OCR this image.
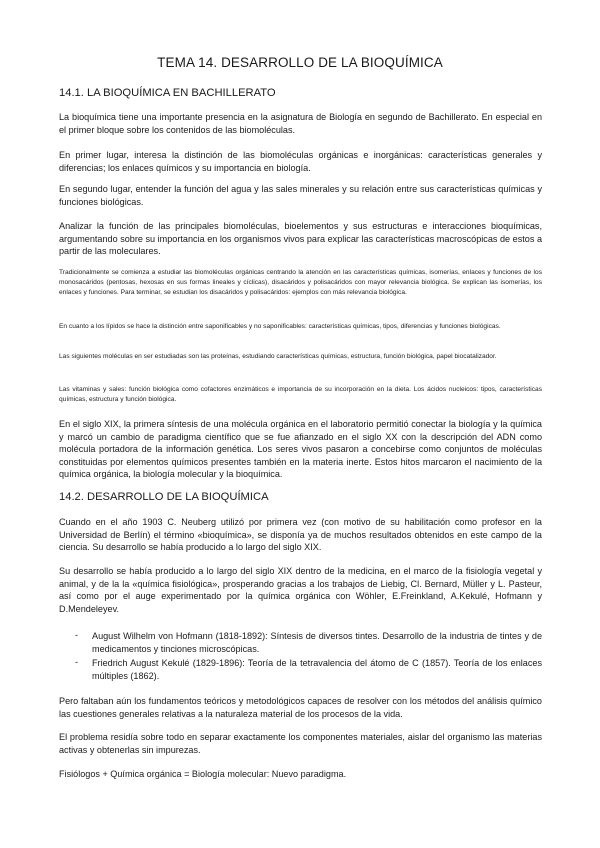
TEMA 14. DESARROLLO DE LA BIOQUÍMICA
14.1. LA BIOQUÍMICA EN BACHILLERATO
La bioquímica tiene una importante presencia en la asignatura de Biología en segundo de Bachillerato. En especial en el primer bloque sobre los contenidos de las biomoléculas.
En primer lugar, interesa la distinción de las biomoléculas orgánicas e inorgánicas: características generales y diferencias; los enlaces químicos y su importancia en biología.
En segundo lugar, entender la función del agua y las sales minerales y su relación entre sus características químicas y funciones biológicas.
Analizar la función de las principales biomoléculas, bioelementos y sus estructuras e interacciones bioquímicas, argumentando sobre su importancia en los organismos vivos para explicar las características macroscópicas de estos a partir de las moleculares.
Tradicionalmente se comienza a estudiar las biomoléculas orgánicas centrando la atención en las características químicas, isomerías, enlaces y funciones de los monosacáridos (pentosas, hexosas en sus formas lineales y cíclicas), disacáridos y polisacáridos con mayor relevancia biológica. Se explican las isomerías, los enlaces y funciones. Para terminar, se estudian los disacáridos y polisacáridos: ejemplos con más relevancia biológica.
En cuanto a los lípidos se hace la distinción entre saponificables y no saponificables: características químicas, tipos, diferencias y funciones biológicas.
Las siguientes moléculas en ser estudiadas son las proteínas, estudiando características químicas, estructura, función biológica, papel biocatalizador.
Las vitaminas y sales: función biológica como cofactores enzimáticos e importancia de su incorporación en la dieta. Los ácidos nucleicos: tipos, características químicas, estructura y función biológica.
En el siglo XIX, la primera síntesis de una molécula orgánica en el laboratorio permitió conectar la biología y la química y marcó un cambio de paradigma científico que se fue afianzado en el siglo XX con la descripción del ADN como molécula portadora de la información genética. Los seres vivos pasaron a concebirse como conjuntos de moléculas constituidas por elementos químicos presentes también en la materia inerte. Estos hitos marcaron el nacimiento de la química orgánica, la biología molecular y la bioquímica.
14.2. DESARROLLO DE LA BIOQUÍMICA
Cuando en el año 1903 C. Neuberg utilizó por primera vez (con motivo de su habilitación como profesor en la Universidad de Berlín) el término «bioquímica», se disponía ya de muchos resultados obtenidos en este campo de la ciencia. Su desarrollo se había producido a lo largo del siglo XIX.
Su desarrollo se había producido a lo largo del siglo XIX dentro de la medicina, en el marco de la fisiología vegetal y animal, y de la la «química fisiológica», prosperando gracias a los trabajos de Liebig, Cl. Bernard, Müller y L. Pasteur, así como por el auge experimentado por la química orgánica con Wöhler, E.Freinkland, A.Kekulé, Hofmann y D.Mendeleyev.
- August Wilhelm von Hofmann (1818-1892): Síntesis de diversos tintes. Desarrollo de la industria de tintes y de medicamentos y tinciones microscópicas.
- Friedrich August Kekulé (1829-1896): Teoría de la tetravalencia del átomo de C (1857). Teoría de los enlaces múltiples (1862).
Pero faltaban aún los fundamentos teóricos y metodológicos capaces de resolver con los métodos del análisis químico las cuestiones generales relativas a la naturaleza material de los procesos de la vida.
El problema residía sobre todo en separar exactamente los componentes materiales, aislar del organismo las materias activas y obtenerlas sin impurezas.
Fisiólogos + Química orgánica = Biología molecular: Nuevo paradigma.
